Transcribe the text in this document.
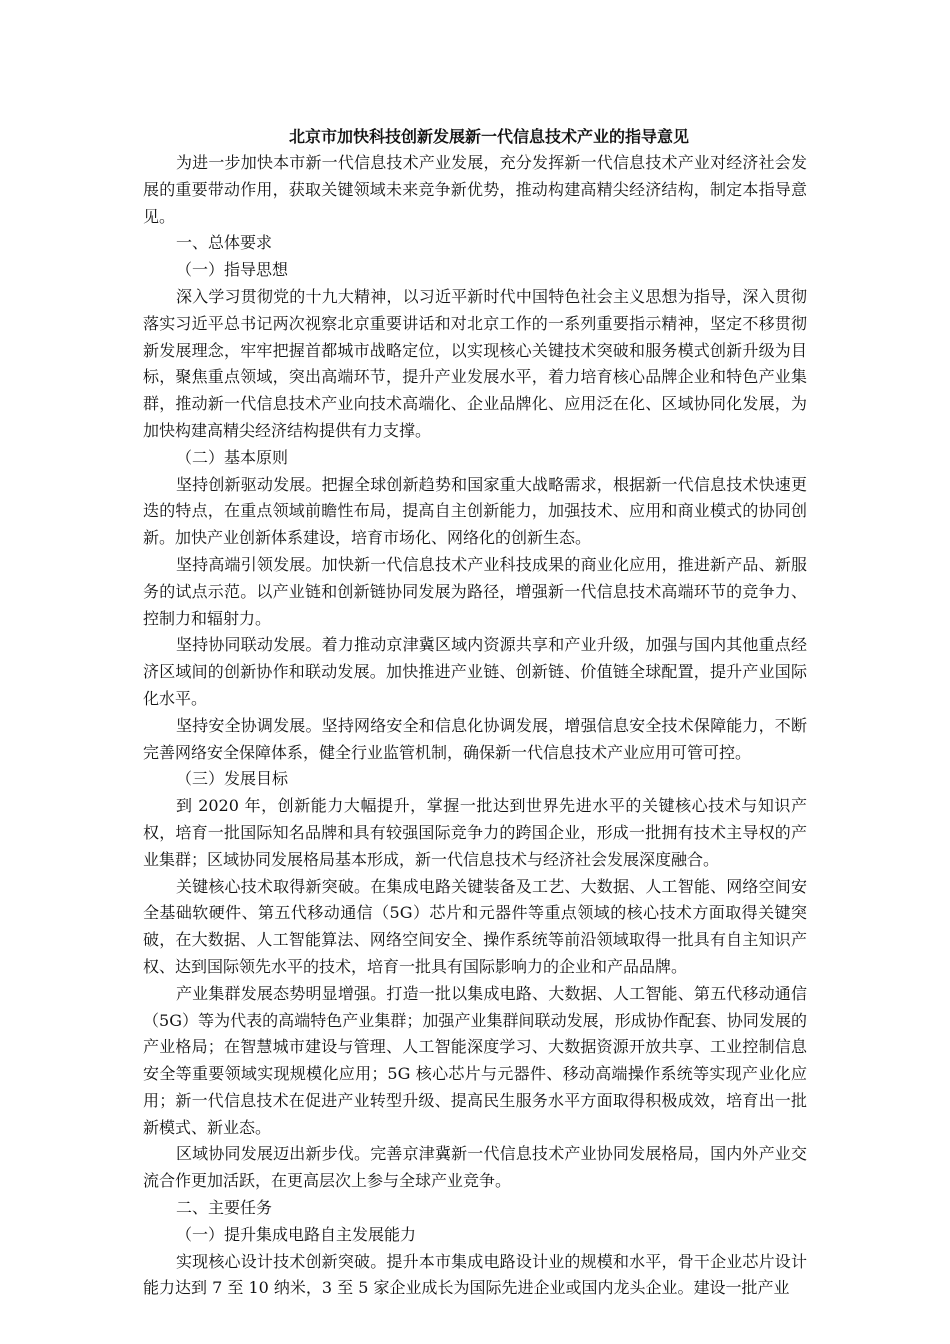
北京市加快科技创新发展新一代信息技术产业的指导意见

为进一步加快本市新一代信息技术产业发展，充分发挥新一代信息技术产业对经济社会发展的重要带动作用，获取关键领域未来竞争新优势，推动构建高精尖经济结构，制定本指导意见。

一、总体要求

（一）指导思想

深入学习贯彻党的十九大精神，以习近平新时代中国特色社会主义思想为指导，深入贯彻落实习近平总书记两次视察北京重要讲话和对北京工作的一系列重要指示精神，坚定不移贯彻新发展理念，牢牢把握首都城市战略定位，以实现核心关键技术突破和服务模式创新升级为目标，聚焦重点领域，突出高端环节，提升产业发展水平，着力培育核心品牌企业和特色产业集群，推动新一代信息技术产业向技术高端化、企业品牌化、应用泛在化、区域协同化发展，为加快构建高精尖经济结构提供有力支撑。

（二）基本原则

坚持创新驱动发展。把握全球创新趋势和国家重大战略需求，根据新一代信息技术快速更迭的特点，在重点领域前瞻性布局，提高自主创新能力，加强技术、应用和商业模式的协同创新。加快产业创新体系建设，培育市场化、网络化的创新生态。

坚持高端引领发展。加快新一代信息技术产业科技成果的商业化应用，推进新产品、新服务的试点示范。以产业链和创新链协同发展为路径，增强新一代信息技术高端环节的竞争力、控制力和辐射力。

坚持协同联动发展。着力推动京津冀区域内资源共享和产业升级，加强与国内其他重点经济区域间的创新协作和联动发展。加快推进产业链、创新链、价值链全球配置，提升产业国际化水平。

坚持安全协调发展。坚持网络安全和信息化协调发展，增强信息安全技术保障能力，不断完善网络安全保障体系，健全行业监管机制，确保新一代信息技术产业应用可管可控。

（三）发展目标

到 2020 年，创新能力大幅提升，掌握一批达到世界先进水平的关键核心技术与知识产权，培育一批国际知名品牌和具有较强国际竞争力的跨国企业，形成一批拥有技术主导权的产业集群；区域协同发展格局基本形成，新一代信息技术与经济社会发展深度融合。

关键核心技术取得新突破。在集成电路关键装备及工艺、大数据、人工智能、网络空间安全基础软硬件、第五代移动通信（5G）芯片和元器件等重点领域的核心技术方面取得关键突破，在大数据、人工智能算法、网络空间安全、操作系统等前沿领域取得一批具有自主知识产权、达到国际领先水平的技术，培育一批具有国际影响力的企业和产品品牌。

产业集群发展态势明显增强。打造一批以集成电路、大数据、人工智能、第五代移动通信（5G）等为代表的高端特色产业集群；加强产业集群间联动发展，形成协作配套、协同发展的产业格局；在智慧城市建设与管理、人工智能深度学习、大数据资源开放共享、工业控制信息安全等重要领域实现规模化应用；5G 核心芯片与元器件、移动高端操作系统等实现产业化应用；新一代信息技术在促进产业转型升级、提高民生服务水平方面取得积极成效，培育出一批新模式、新业态。

区域协同发展迈出新步伐。完善京津冀新一代信息技术产业协同发展格局，国内外产业交流合作更加活跃，在更高层次上参与全球产业竞争。

二、主要任务

（一）提升集成电路自主发展能力

实现核心设计技术创新突破。提升本市集成电路设计业的规模和水平，骨干企业芯片设计能力达到 7 至 10 纳米，3 至 5 家企业成长为国际先进企业或国内龙头企业。建设一批产业
